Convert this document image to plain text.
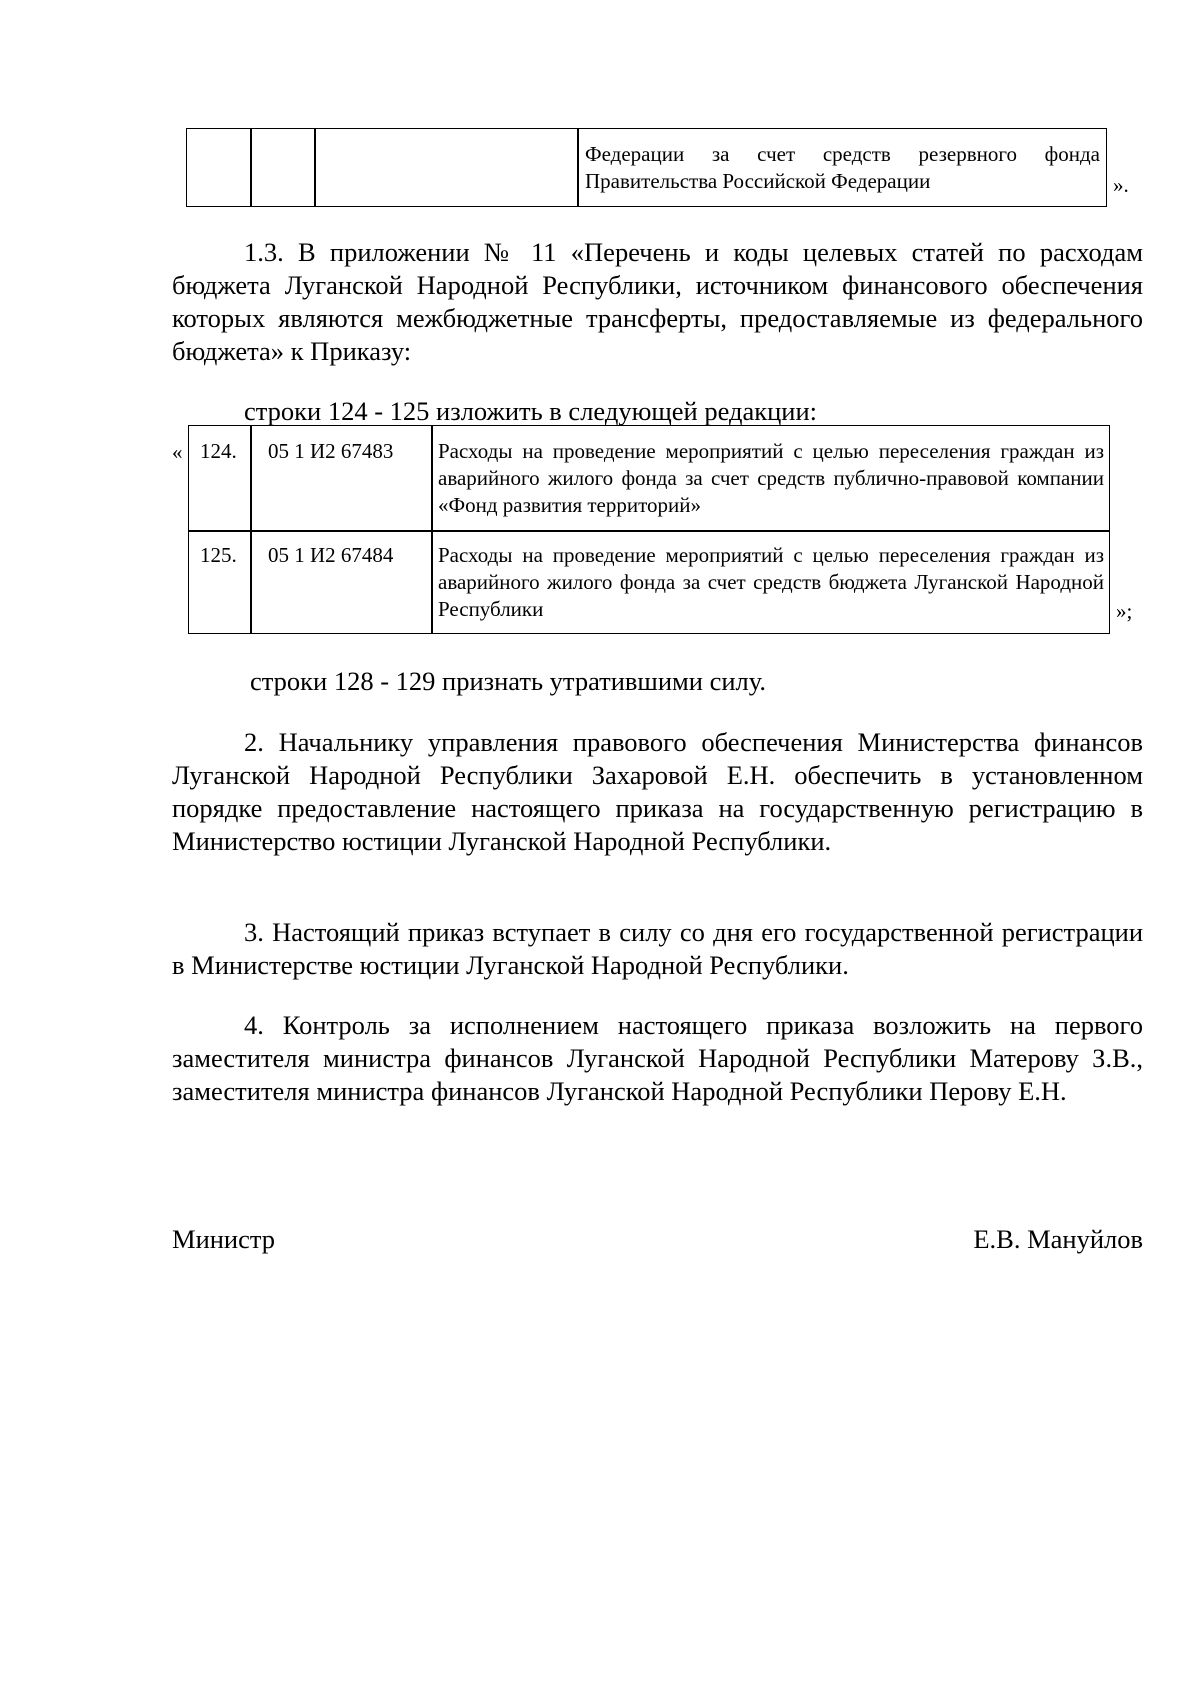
Федерации за счет средств резервного фонда Правительства Российской Федерации	».

1.3. В приложении № 11 «Перечень и коды целевых статей по расходам бюджета Луганской Народной Республики, источником финансового обеспечения которых являются межбюджетные трансферты, предоставляемые из федерального бюджета» к Приказу:

строки 124 - 125 изложить в следующей редакции:
« 124. 05 1 И2 67483 Расходы на проведение мероприятий с целью переселения граждан из аварийного жилого фонда за счет средств публично-правовой компании «Фонд развития территорий»
125. 05 1 И2 67484 Расходы на проведение мероприятий с целью переселения граждан из аварийного жилого фонда за счет средств бюджета Луганской Народной Республики	»;
строки 128 - 129 признать утратившими силу.

2. Начальнику управления правового обеспечения Министерства финансов Луганской Народной Республики Захаровой Е.Н. обеспечить в установленном порядке предоставление настоящего приказа на государственную регистрацию в Министерство юстиции Луганской Народной Республики.

3. Настоящий приказ вступает в силу со дня его государственной регистрации в Министерстве юстиции Луганской Народной Республики.

4. Контроль за исполнением настоящего приказа возложить на первого заместителя министра финансов Луганской Народной Республики Матерову З.В., заместителя министра финансов Луганской Народной Республики Перову Е.Н.

Министр	Е.В. Мануйлов
